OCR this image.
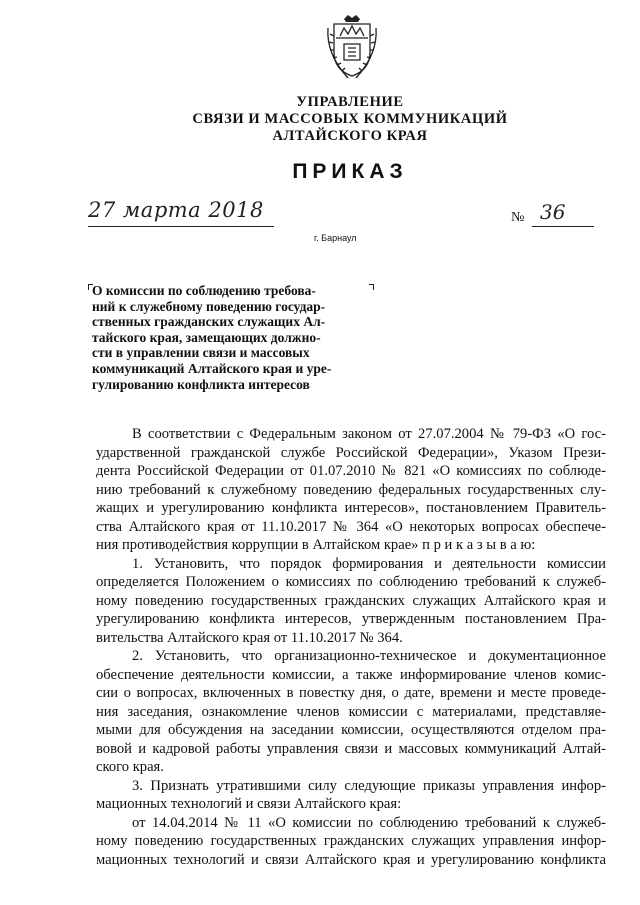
УПРАВЛЕНИЕ
СВЯЗИ И МАССОВЫХ КОММУНИКАЦИЙ
АЛТАЙСКОГО КРАЯ
ПРИКАЗ
27 марта 2018	№ 36
г. Барнаул
О комиссии по соблюдению требова-
ний к служебному поведению государ-
ственных гражданских служащих Ал-
тайского края, замещающих должно-
сти в управлении связи и массовых
коммуникаций Алтайского края и уре-
гулированию конфликта интересов
В соответствии с Федеральным законом от 27.07.2004 № 79-ФЗ «О гос-
ударственной гражданской службе Российской Федерации», Указом Прези-
дента Российской Федерации от 01.07.2010 № 821 «О комиссиях по соблюде-
нию требований к служебному поведению федеральных государственных слу-
жащих и урегулированию конфликта интересов», постановлением Правитель-
ства Алтайского края от 11.10.2017 № 364 «О некоторых вопросах обеспече-
ния противодействия коррупции в Алтайском крае» п р и к а з ы в а ю:
1. Установить, что порядок формирования и деятельности комиссии
определяется Положением о комиссиях по соблюдению требований к служеб-
ному поведению государственных гражданских служащих Алтайского края и
урегулированию конфликта интересов, утвержденным постановлением Пра-
вительства Алтайского края от 11.10.2017 № 364.
2. Установить, что организационно-техническое и документационное
обеспечение деятельности комиссии, а также информирование членов комис-
сии о вопросах, включенных в повестку дня, о дате, времени и месте проведе-
ния заседания, ознакомление членов комиссии с материалами, представляе-
мыми для обсуждения на заседании комиссии, осуществляются отделом пра-
вовой и кадровой работы управления связи и массовых коммуникаций Алтай-
ского края.
3. Признать утратившими силу следующие приказы управления инфор-
мационных технологий и связи Алтайского края:
от 14.04.2014 № 11 «О комиссии по соблюдению требований к служеб-
ному поведению государственных гражданских служащих управления инфор-
мационных технологий и связи Алтайского края и урегулированию конфликта
